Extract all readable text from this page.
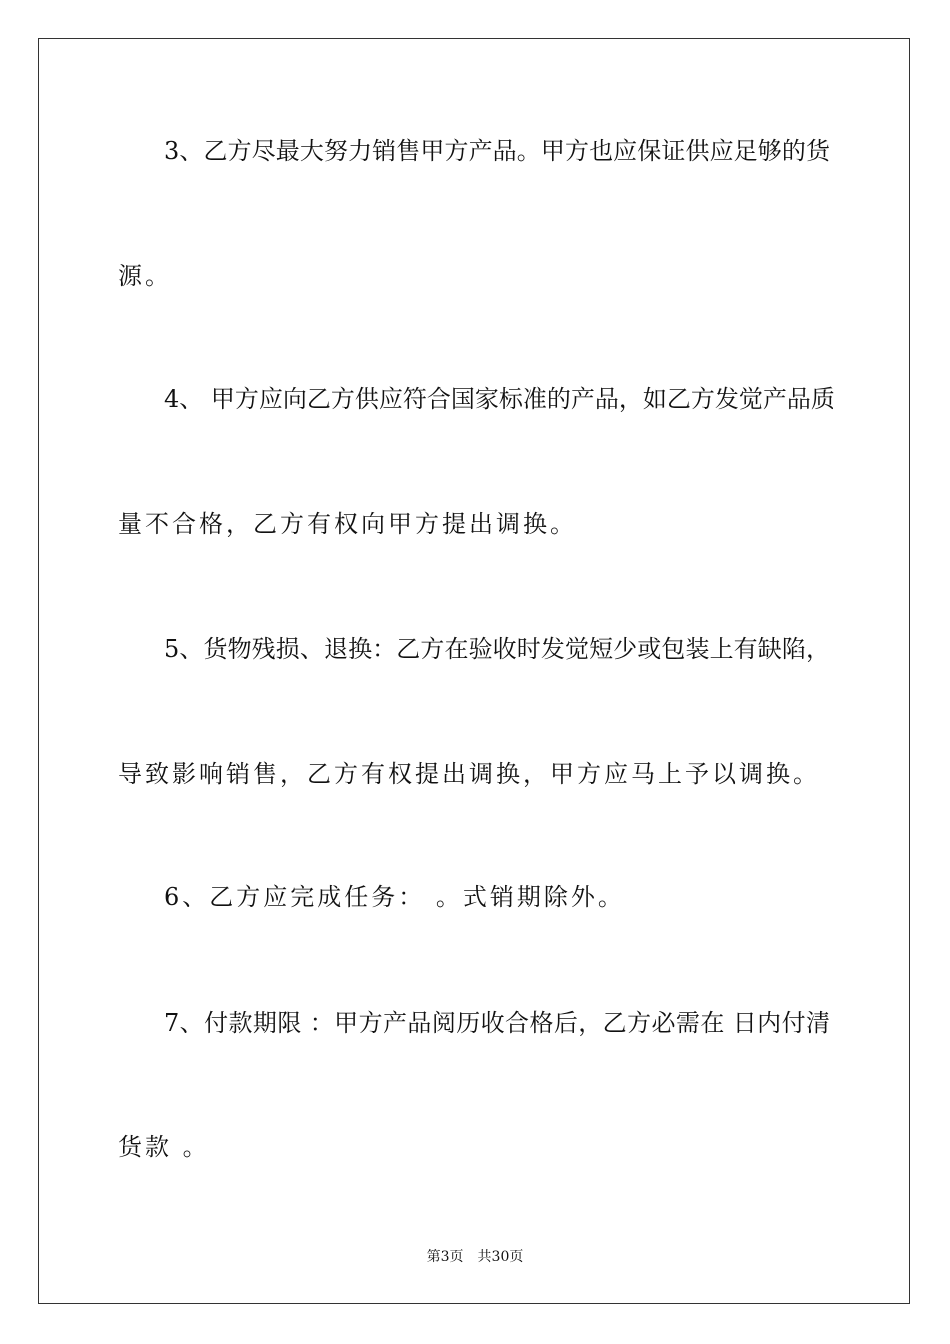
3、乙方尽最大努力销售甲方产品。甲方也应保证供应足够的货
源。
4、 甲方应向乙方供应符合国家标准的产品，如乙方发觉产品质
量不合格，乙方有权向甲方提出调换。
5、货物残损、退换：乙方在验收时发觉短少或包装上有缺陷，
导致影响销售，乙方有权提出调换，甲方应马上予以调换。
6、乙方应完成任务： 。式销期除外。
7、付款期限 ：甲方产品阅历收合格后，乙方必需在 日内付清
货款 。
第3页　共30页
